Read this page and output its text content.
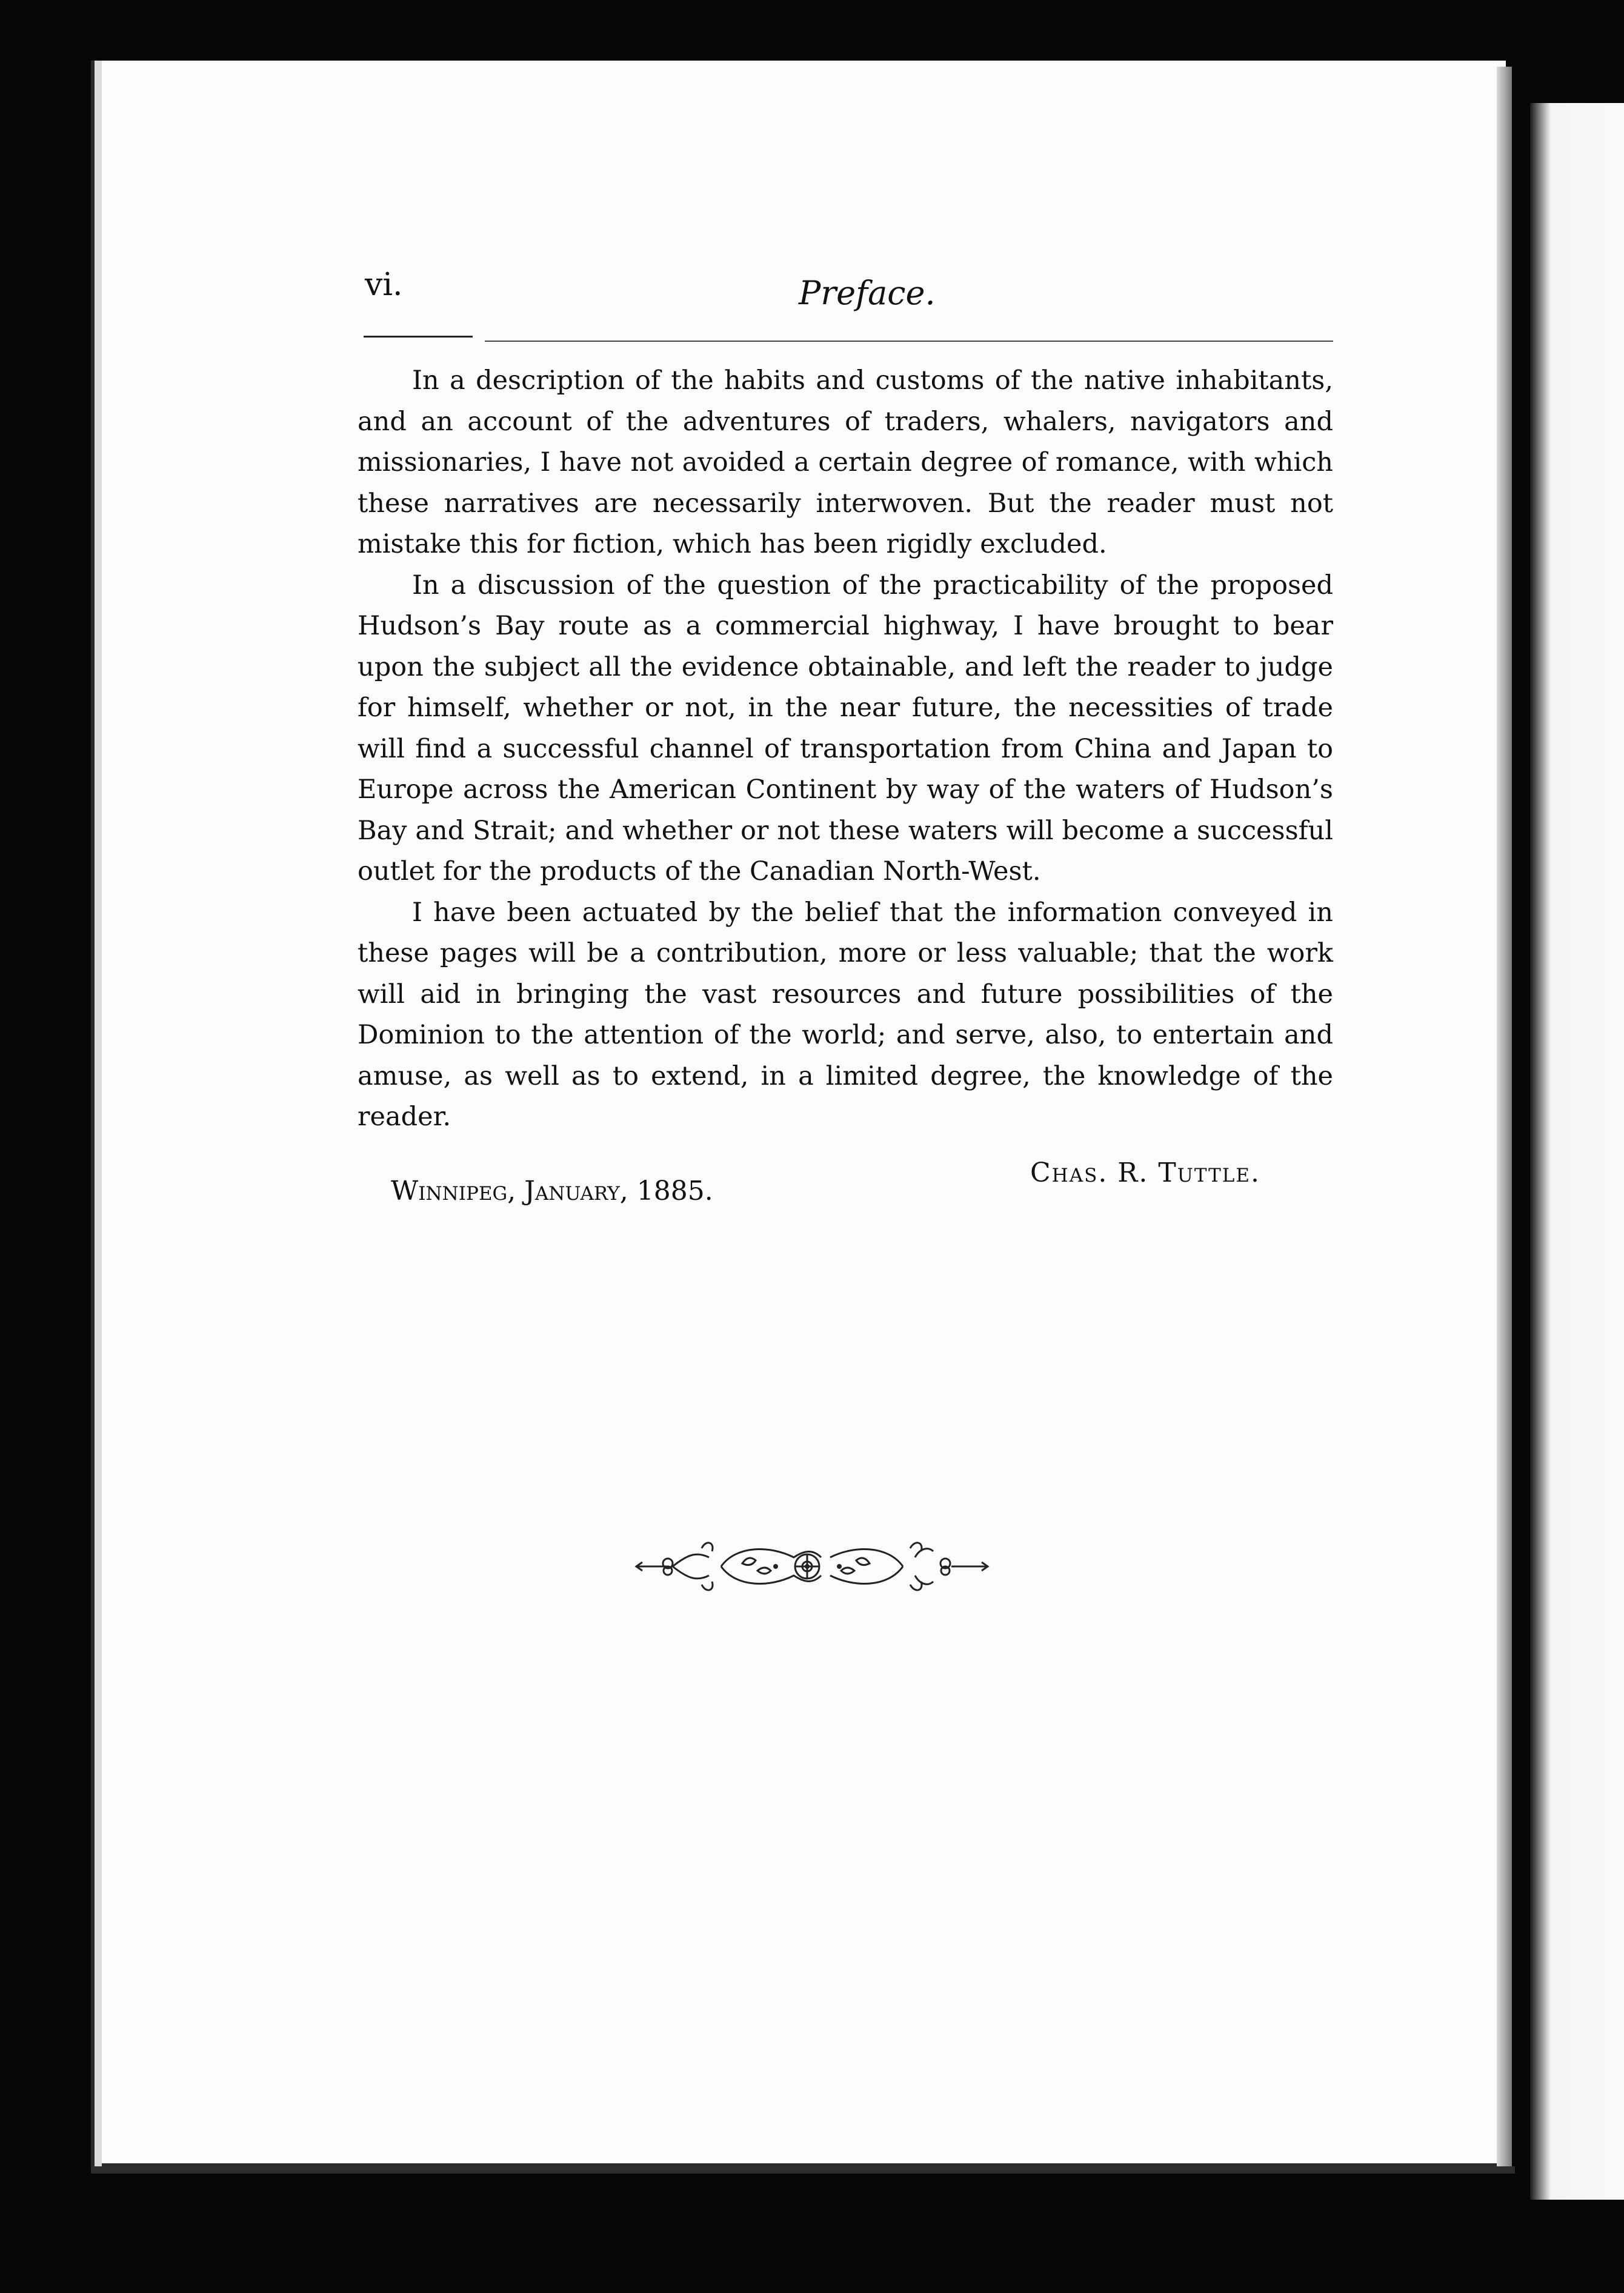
vi.	Preface.

In a description of the habits and customs of the native inhabitants, and an account of the adventures of traders, whalers, navigators and missionaries, I have not avoided a certain degree of romance, with which these narratives are necessarily interwoven. But the reader must not mistake this for fiction, which has been rigidly excluded.

In a discussion of the question of the practicability of the proposed Hudson’s Bay route as a commercial highway, I have brought to bear upon the subject all the evidence obtainable, and left the reader to judge for himself, whether or not, in the near future, the necessities of trade will find a successful channel of transportation from China and Japan to Europe across the American Continent by way of the waters of Hudson’s Bay and Strait; and whether or not these waters will become a successful outlet for the products of the Canadian North-West.

I have been actuated by the belief that the information conveyed in these pages will be a contribution, more or less valuable; that the work will aid in bringing the vast resources and future possibilities of the Dominion to the attention of the world; and serve, also, to entertain and amuse, as well as to extend, in a limited degree, the knowledge of the reader.

Winnipeg, January, 1885.
Chas. R. Tuttle.
